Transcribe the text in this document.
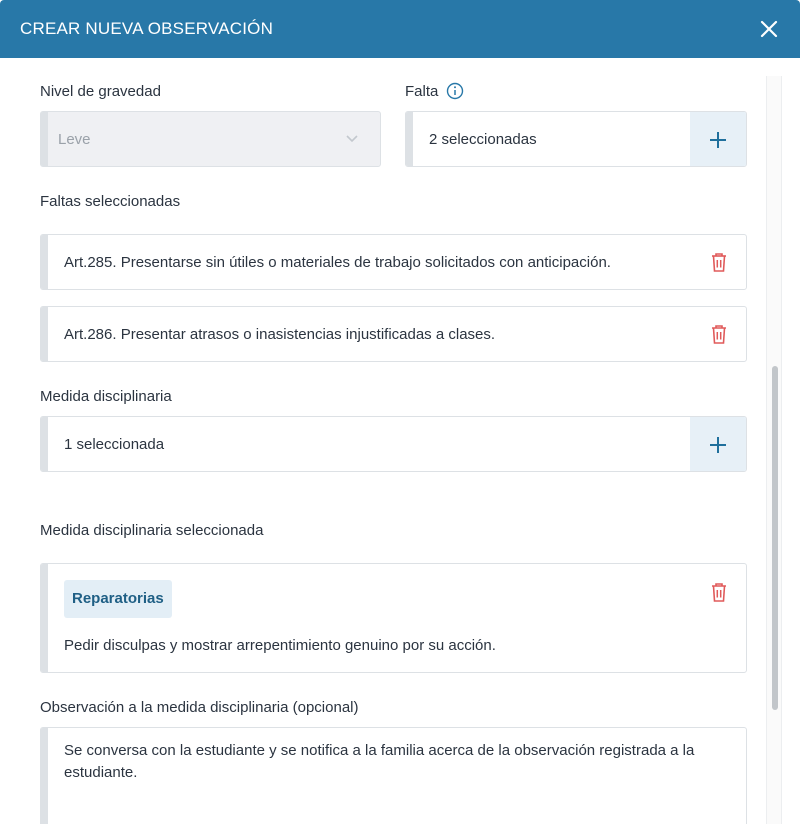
CREAR NUEVA OBSERVACIÓN
Nivel de gravedad
Leve
Falta
2 seleccionadas
Faltas seleccionadas
Art.285. Presentarse sin útiles o materiales de trabajo solicitados con anticipación.
Art.286. Presentar atrasos o inasistencias injustificadas a clases.
Medida disciplinaria
1 seleccionada
Medida disciplinaria seleccionada
Reparatorias
Pedir disculpas y mostrar arrepentimiento genuino por su acción.
Observación a la medida disciplinaria (opcional)
Se conversa con la estudiante y se notifica a la familia acerca de la observación registrada a la estudiante.
